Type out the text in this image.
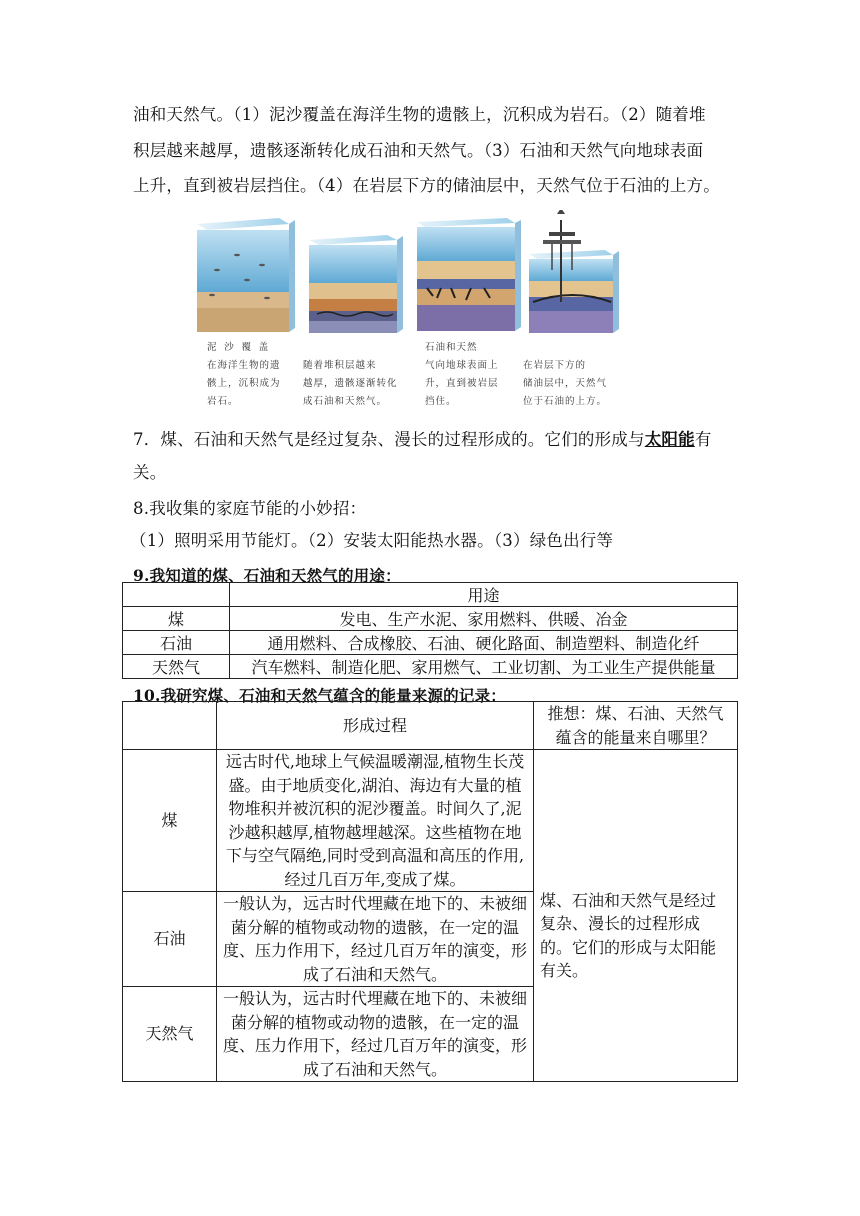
油和天然气。（1）泥沙覆盖在海洋生物的遗骸上，沉积成为岩石。（2）随着堆
积层越来越厚，遗骸逐渐转化成石油和天然气。（3）石油和天然气向地球表面
上升，直到被岩层挡住。（4）在岩层下方的储油层中，天然气位于石油的上方。
泥 沙 覆 盖
在海洋生物的遗
骸上，沉积成为
岩石。
随着堆积层越来
越厚，遗骸逐渐转化
成石油和天然气。
石油和天然
气向地球表面上
升，直到被岩层
挡住。
在岩层下方的
储油层中，天然气
位于石油的上方。
7．煤、石油和天然气是经过复杂、漫长的过程形成的。它们的形成与太阳能有
关。
8.我收集的家庭节能的小妙招：
（1）照明采用节能灯。（2）安装太阳能热水器。（3）绿色出行等
9.我知道的煤、石油和天然气的用途：
	用途
煤	发电、生产水泥、家用燃料、供暖、冶金
石油	通用燃料、合成橡胶、石油、硬化路面、制造塑料、制造化纤
天然气	汽车燃料、制造化肥、家用燃气、工业切割、为工业生产提供能量
10.我研究煤、石油和天然气蕴含的能量来源的记录：
	形成过程	推想：煤、石油、天然气蕴含的能量来自哪里？
煤	远古时代,地球上气候温暖潮湿,植物生长茂盛。由于地质变化,湖泊、海边有大量的植物堆积并被沉积的泥沙覆盖。时间久了,泥沙越积越厚,植物越埋越深。这些植物在地下与空气隔绝,同时受到高温和高压的作用,经过几百万年,变成了煤。	煤、石油和天然气是经过复杂、漫长的过程形成的。它们的形成与太阳能有关。
石油	一般认为，远古时代埋藏在地下的、未被细菌分解的植物或动物的遗骸，在一定的温度、压力作用下，经过几百万年的演变，形成了石油和天然气。	
天然气	一般认为，远古时代埋藏在地下的、未被细菌分解的植物或动物的遗骸，在一定的温度、压力作用下，经过几百万年的演变，形成了石油和天然气。	
